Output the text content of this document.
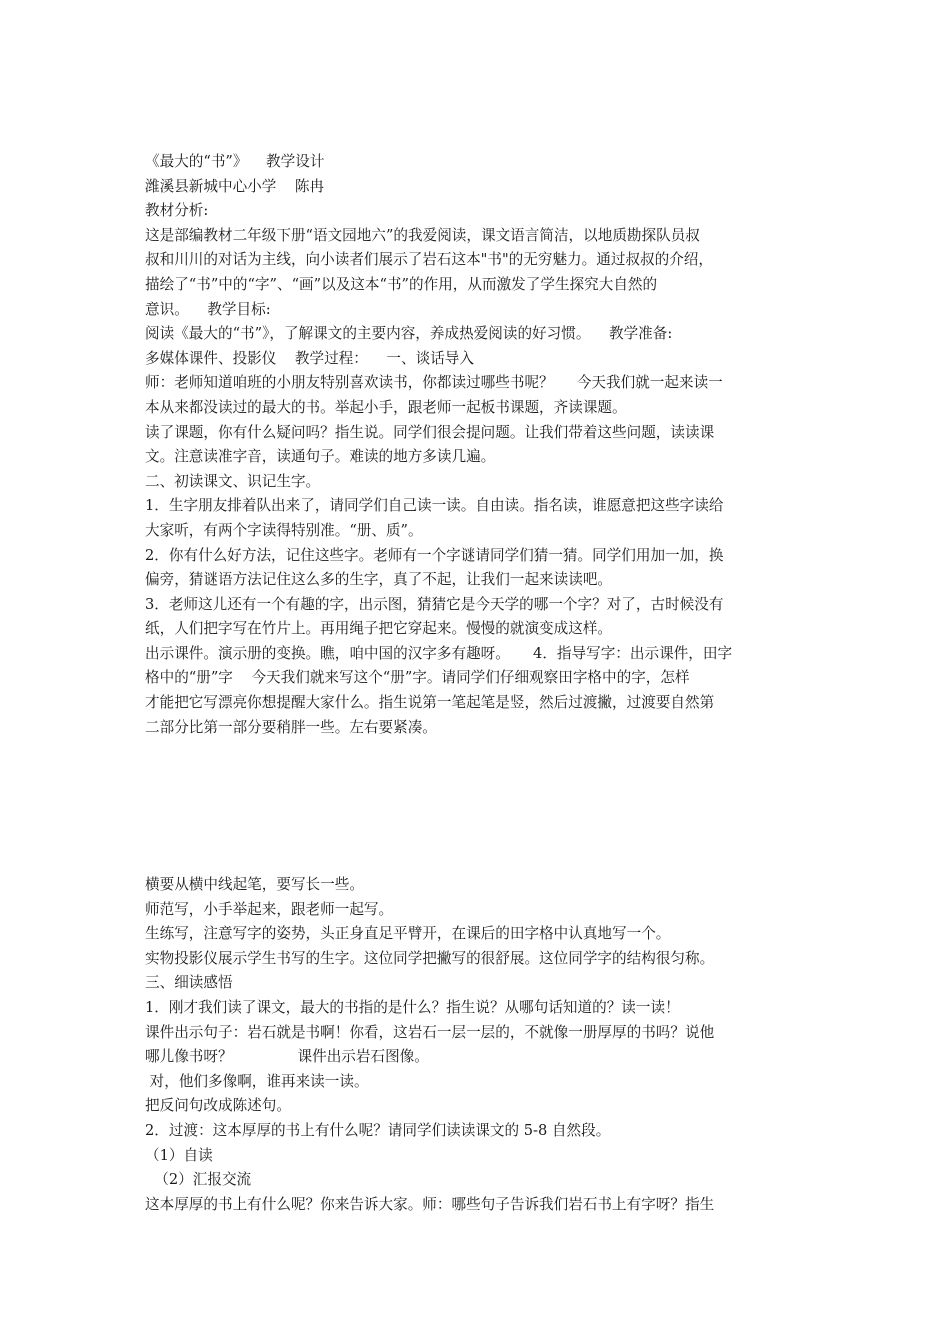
《最大的“书”》    教学设计

潍溪县新城中心小学    陈冉

教材分析:

这是部编教材二年级下册“语文园地六”的我爱阅读，课文语言简洁，以地质勘探队员叔

叔和川川的对话为主线，向小读者们展示了岩石这本"书"的无穷魅力。通过叔叔的介绍，

描绘了“书”中的“字”、“画”以及这本“书”的作用，从而激发了学生探究大自然的

意识。    教学目标:

阅读《最大的“书”》，了解课文的主要内容，养成热爱阅读的好习惯。    教学准备:

多媒体课件、投影仪    教学过程：    一、谈话导入

师：老师知道咱班的小朋友特别喜欢读书，你都读过哪些书呢？     今天我们就一起来读一

本从来都没读过的最大的书。举起小手，跟老师一起板书课题，齐读课题。

读了课题，你有什么疑问吗？指生说。同学们很会提问题。让我们带着这些问题，读读课

文。注意读准字音，读通句子。难读的地方多读几遍。

二、初读课文、识记生字。

1．生字朋友排着队出来了，请同学们自己读一读。自由读。指名读，谁愿意把这些字读给

大家听，有两个字读得特别准。“册、质”。

2．你有什么好方法，记住这些字。老师有一个字谜请同学们猜一猜。同学们用加一加，换

偏旁，猜谜语方法记住这么多的生字，真了不起，让我们一起来读读吧。

3．老师这儿还有一个有趣的字，出示图，猜猜它是今天学的哪一个字？对了，古时候没有

纸，人们把字写在竹片上。再用绳子把它穿起来。慢慢的就演变成这样。

出示课件。演示册的变换。瞧，咱中国的汉字多有趣呀。     4．指导写字：出示课件，田字

格中的“册”字    今天我们就来写这个“册”字。请同学们仔细观察田字格中的字，怎样

才能把它写漂亮你想提醒大家什么。指生说第一笔起笔是竖，然后过渡撇，过渡要自然第

二部分比第一部分要稍胖一些。左右要紧凑。

横要从横中线起笔，要写长一些。

师范写，小手举起来，跟老师一起写。

生练写，注意写字的姿势，头正身直足平臂开，在课后的田字格中认真地写一个。

实物投影仪展示学生书写的生字。这位同学把撇写的很舒展。这位同学字的结构很匀称。

三、细读感悟

1．刚才我们读了课文，最大的书指的是什么？指生说？从哪句话知道的？读一读！

课件出示句子：岩石就是书啊！你看，这岩石一层一层的，不就像一册厚厚的书吗？说他

哪儿像书呀？              课件出示岩石图像。

对，他们多像啊，谁再来读一读。

把反问句改成陈述句。

2．过渡：这本厚厚的书上有什么呢？请同学们读读课文的 5-8 自然段。

（1）自读

（2）汇报交流

这本厚厚的书上有什么呢？你来告诉大家。师：哪些句子告诉我们岩石书上有字呀？指生
